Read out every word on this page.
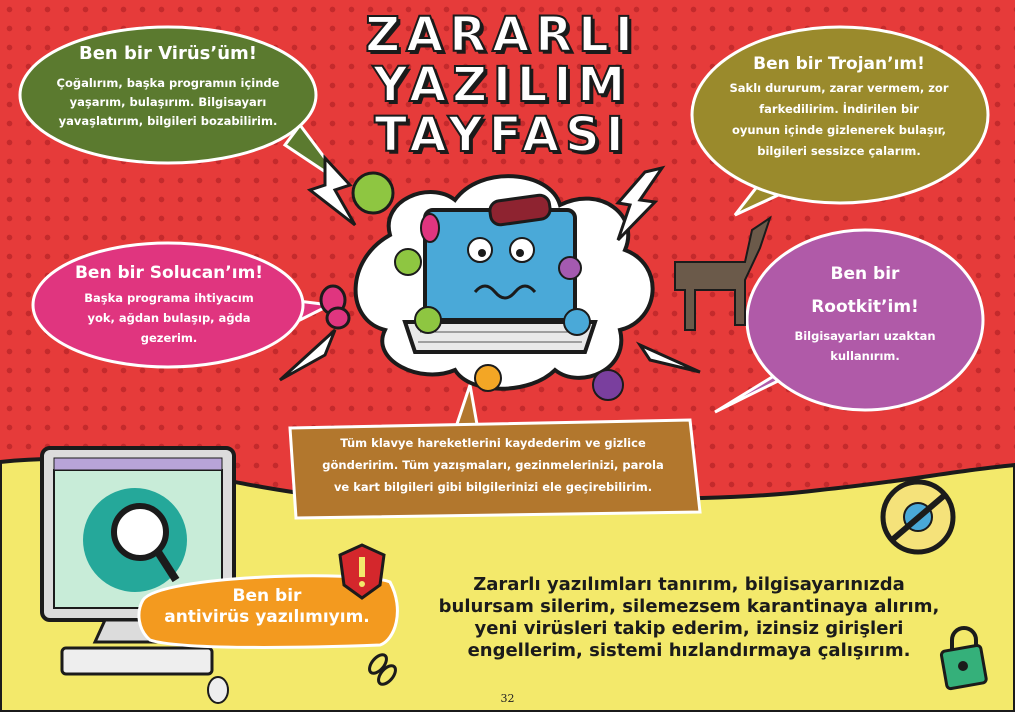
ZARARLI
YAZILIM
TAYFASI
Ben bir Virüs’üm!

Çoğalırım, başka programın içinde
yaşarım, bulaşırım. Bilgisayarı
yavaşlatırım, bilgileri bozabilirim.

Ben bir Trojan’ım!

Saklı dururum, zarar vermem, zor
farkedilirim. İndirilen bir
oyunun içinde gizlenerek bulaşır,
bilgileri sessizce çalarım.

Ben bir Solucan’ım!

Başka programa ihtiyacım
yok, ağdan bulaşıp, ağda
gezerim.

Ben bir
Rootkit’im!

Bilgisayarları uzaktan
kullanırım.

Tüm klavye hareketlerini kaydederim ve gizlice
gönderirim. Tüm yazışmaları, gezinmelerinizi, parola
ve kart bilgileri gibi bilgilerinizi ele geçirebilirim.

Ben bir
antivirüs yazılımıyım.
Zararlı yazılımları tanırım, bilgisayarınızda
bulursam silerim, silemezsem karantinaya alırım,
yeni virüsleri takip ederim, izinsiz girişleri
engellerim, sistemi hızlandırmaya çalışırım.
32
